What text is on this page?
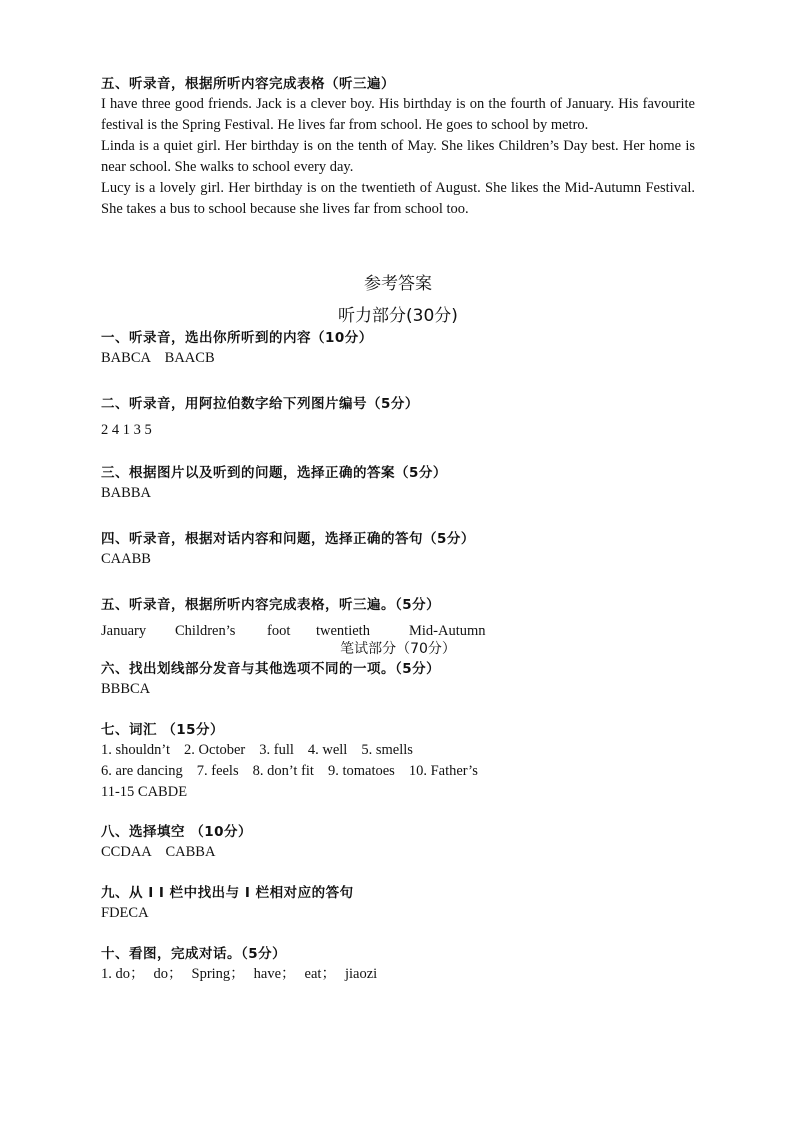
五、听录音，根据所听内容完成表格（听三遍）
I have three good friends. Jack is a clever boy. His birthday is on the fourth of January. His favourite festival is the Spring Festival. He lives far from school. He goes to school by metro.
Linda is a quiet girl. Her birthday is on the tenth of May. She likes Children’s Day best. Her home is near school. She walks to school every day.
Lucy is a lovely girl. Her birthday is on the twentieth of August. She likes the Mid-Autumn Festival. She takes a bus to school because she lives far from school too.
参考答案
听力部分(30分)
一、听录音，选出你所听到的内容（10分）
BABCA    BAACB
二、听录音，用阿拉伯数字给下列图片编号（5分）
2 4 1 3 5
三、根据图片以及听到的问题，选择正确的答案（5分）
BABBA
四、听录音，根据对话内容和问题，选择正确的答句（5分）
CAABB
五、听录音，根据所听内容完成表格，听三遍。（5分）
January Children’s foot twentieth	Mid-Autumn
笔试部分（70分）
六、找出划线部分发音与其他选项不同的一项。（5分）
BBBCA
七、词汇 （15分）
1. shouldn’t 2. October 3. full 4. well 5. smells
6. are dancing 7. feels 8. don’t fit 9. tomatoes 10. Father’s
11-15 CABDE
八、选择填空 （10分）
CCDAA    CABBA
九、从 I I 栏中找出与 I 栏相对应的答句
FDECA
十、看图，完成对话。（5分）
1. do； do； Spring； have； eat； jiaozi
